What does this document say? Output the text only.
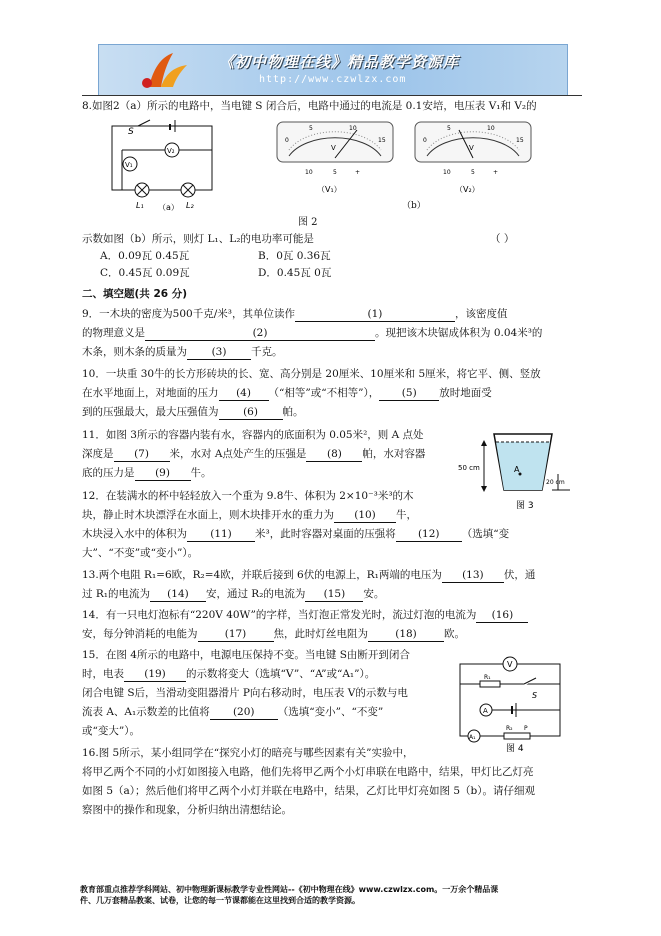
《初中物理在线》精品教学资源库
http://www.czwlzx.com
8.如图2（a）所示的电路中，当电键 S 闭合后，电路中通过的电流是 0.1安培，电压表 V₁和 V₂的
S
V₁
V₂
L₁	L₂
（a）
0
5	10
15
V
10	5	+
（V₁）
0
5	10
15
V
10	5	+
（V₂）
（b）
图 2
示数如图（b）所示，则灯 L₁、L₂的电功率可能是	（ ）
A．0.09瓦 0.45瓦	B．0瓦 0.36瓦
C．0.45瓦 0.09瓦	D．0.45瓦 0瓦
二、填空题(共 26 分)
9．一木块的密度为500千克/米³，其单位读作	(1)	，该密度值
的物理意义是	(2)	。现把该木块锯成体积为 0.04米³的
木条，则木条的质量为 (3) 千克。
10．一块重 30牛的长方形砖块的长、宽、高分别是 20厘米、10厘米和 5厘米，将它平、侧、竖放
在水平地面上，对地面的压力 (4) （“相等”或“不相等”）， (5) 放时地面受
到的压强最大，最大压强值为 (6) 帕。
11．如图 3所示的容器内装有水，容器内的底面积为 0.05米²，则 A 点处
深度是 (7) 米，水对 A点处产生的压强是 (8) 帕，水对容器
底的压力是 (9) 牛。	A
50 cm
20 cm
图 3
12．在装满水的杯中轻轻放入一个重为 9.8牛、体积为 2×10⁻³米³的木
块，静止时木块漂浮在水面上，则木块排开水的重力为 (10) 牛，
木块浸入水中的体积为 (11) 米³，此时容器对桌面的压强将 (12) （选填“变
大”、“不变”或“变小”）。
13.两个电阻 R₁=6欧，R₂=4欧，并联后接到 6伏的电源上，R₁两端的电压为 (13) 伏，通
过 R₁的电流为 (14) 安，通过 R₂的电流为 (15) 安。
14．有一只电灯泡标有“220V 40W”的字样，当灯泡正常发光时，流过灯泡的电流为 (16)
安，每分钟消耗的电能为	(17)	焦，此时灯丝电阻为	(18)	欧。
15．在图 4所示的电路中，电源电压保持不变。当电键 S由断开到闭合
时，电表 (19) 的示数将变大（选填“V”、“A”或“A₁”）。
闭合电键 S后，当滑动变阻器滑片 P向右移动时，电压表 V的示数与电
流表 A、A₁示数差的比值将 (20) （选填“变小”、“不变”
或“变大”）。
V
R₁
S
A
A₁
R₂ P
图 4
16.图 5所示，某小组同学在“探究小灯的暗亮与哪些因素有关”实验中，
将甲乙两个不同的小灯如图接入电路，他们先将甲乙两个小灯串联在电路中，结果，甲灯比乙灯亮
如图 5（a）；然后他们将甲乙两个小灯并联在电路中，结果，乙灯比甲灯亮如图 5（b）。请仔细观
察图中的操作和现象，分析归纳出清想结论。
教育部重点推荐学科网站、初中物理新课标教学专业性网站--《初中物理在线》www.czwlzx.com。一万余个精品课
件、几万套精品教案、试卷，让您的每一节课都能在这里找到合适的教学资源。
